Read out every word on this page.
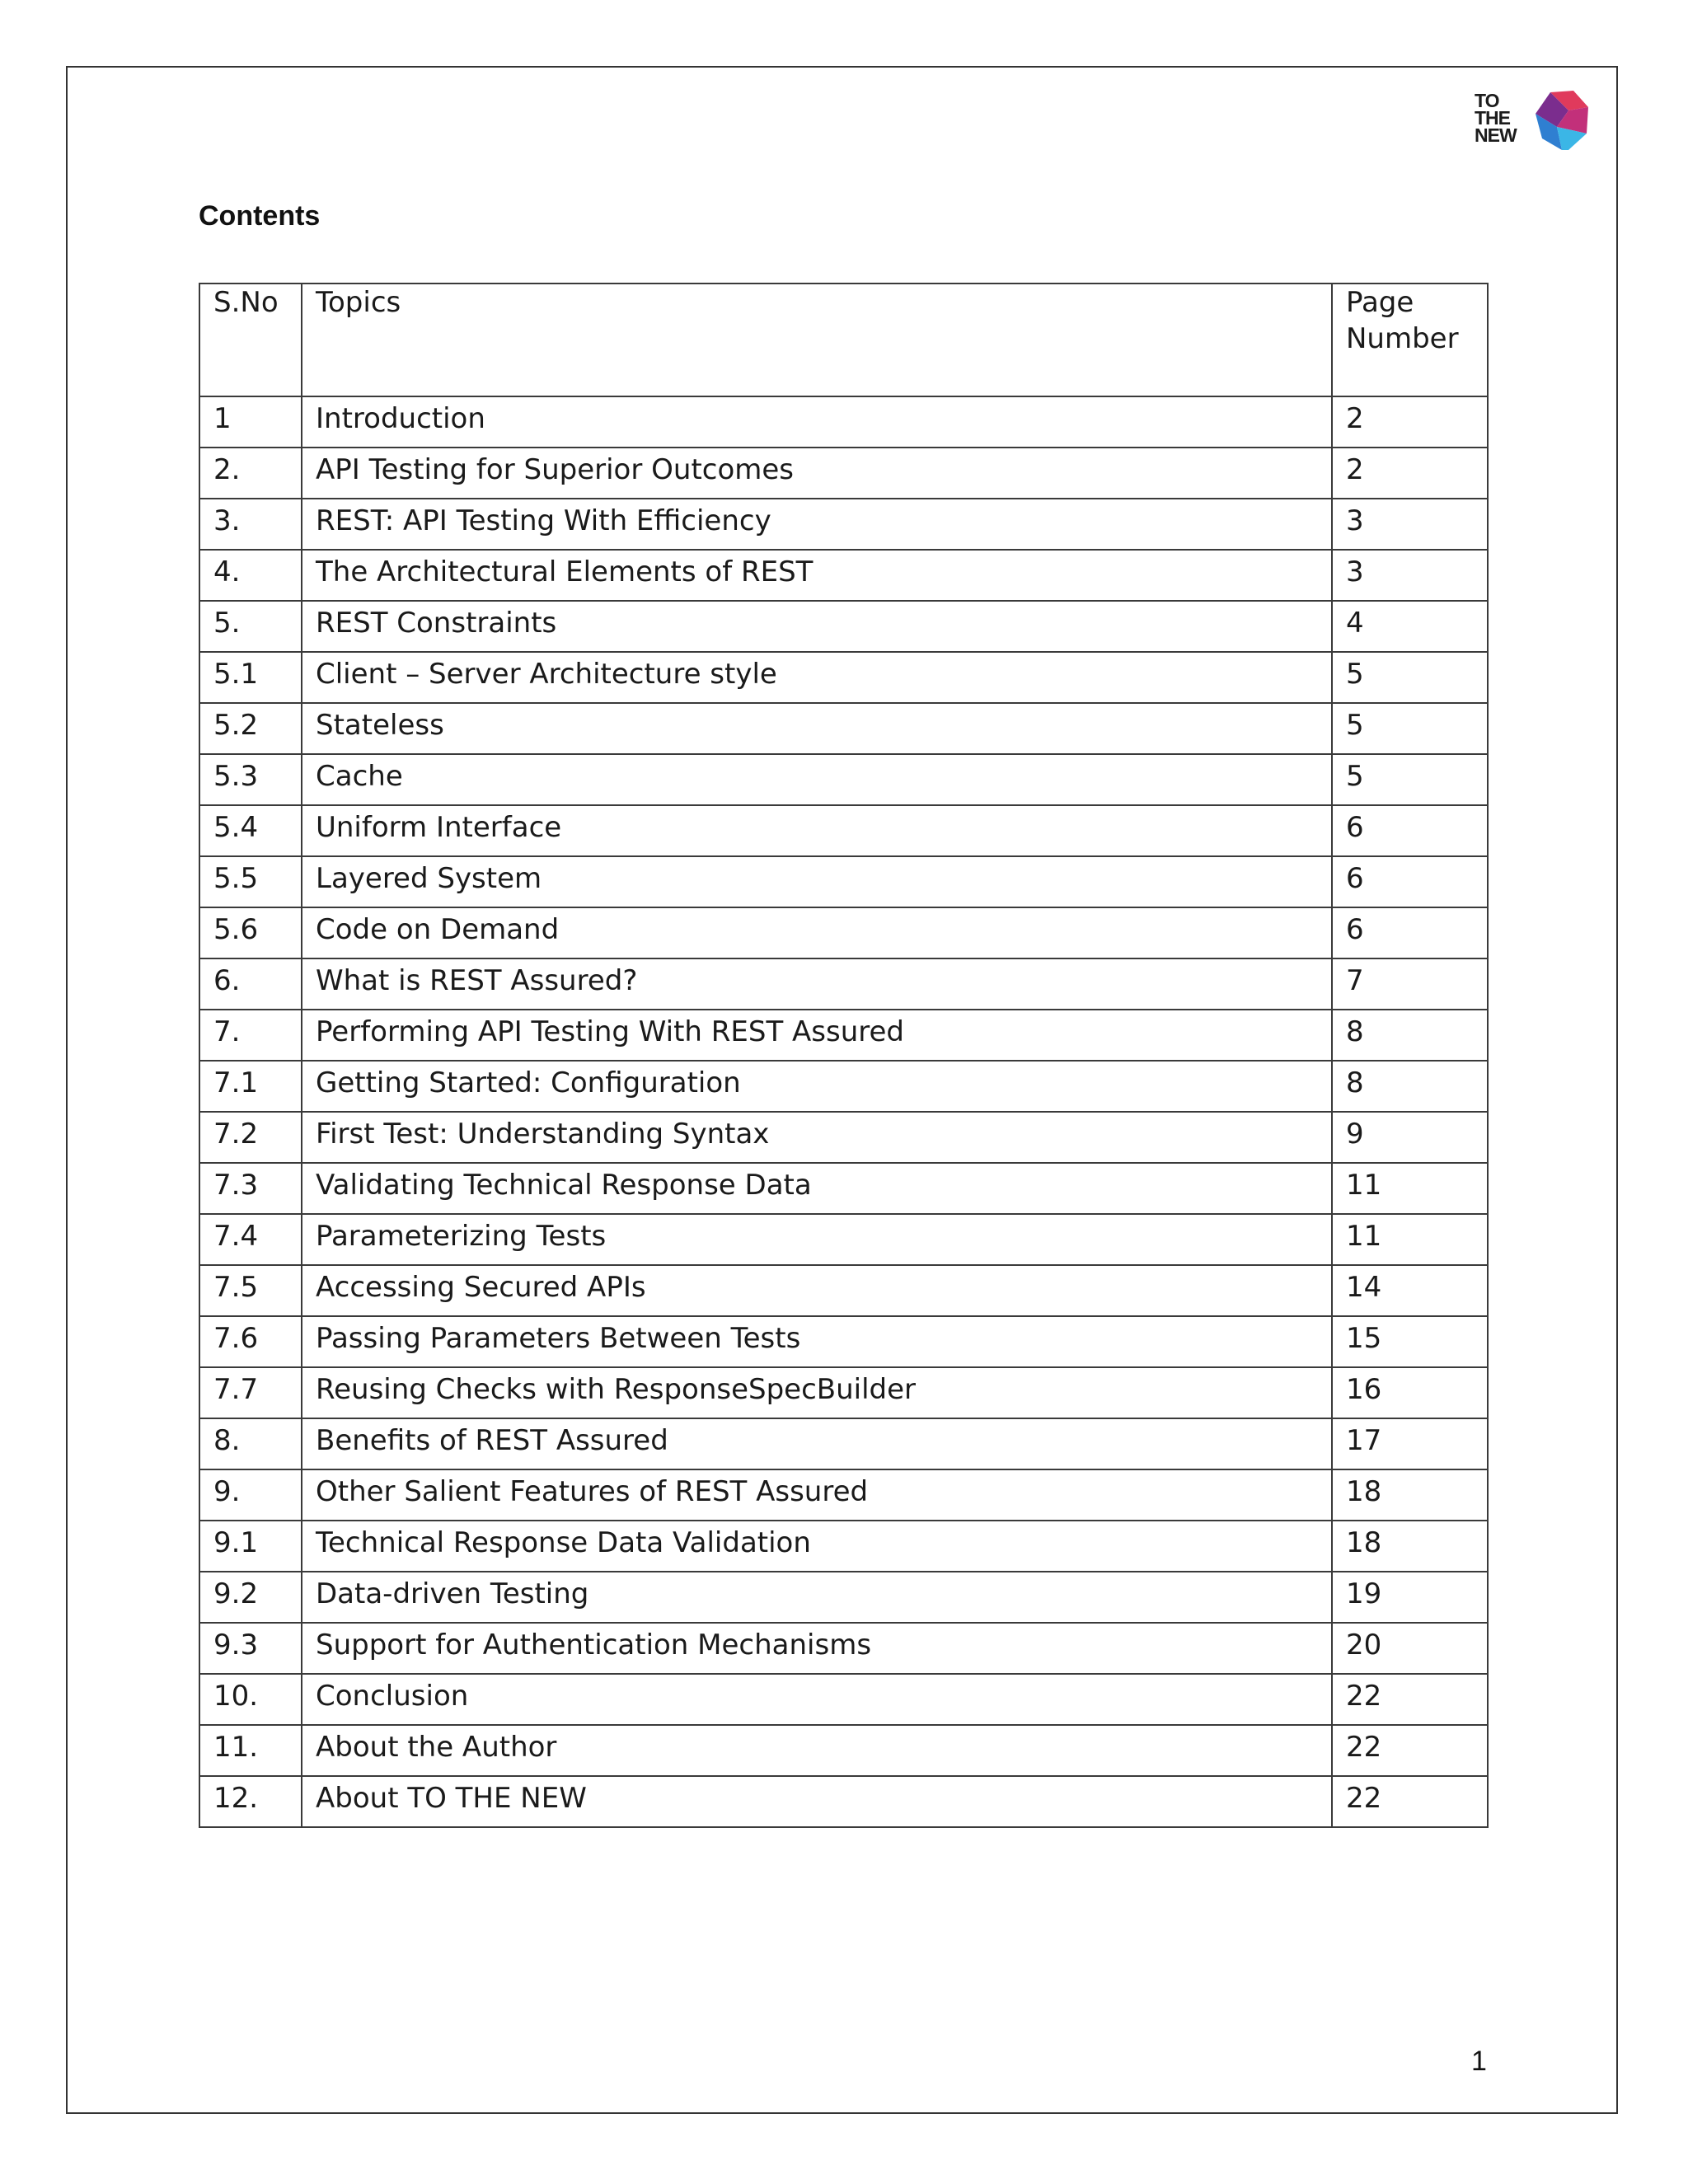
TO
THE
NEW
Contents
S.No	Topics	Page Number
1	Introduction	2
2.	API Testing for Superior Outcomes	2
3.	REST: API Testing With Efficiency	3
4.	The Architectural Elements of REST	3
5.	REST Constraints	4
5.1	Client – Server Architecture style	5
5.2	Stateless	5
5.3	Cache	5
5.4	Uniform Interface	6
5.5	Layered System	6
5.6	Code on Demand	6
6.	What is REST Assured?	7
7.	Performing API Testing With REST Assured	8
7.1	Getting Started: Configuration	8
7.2	First Test: Understanding Syntax	9
7.3	Validating Technical Response Data	11
7.4	Parameterizing Tests	11
7.5	Accessing Secured APIs	14
7.6	Passing Parameters Between Tests	15
7.7	Reusing Checks with ResponseSpecBuilder	16
8.	Benefits of REST Assured	17
9.	Other Salient Features of REST Assured	18
9.1	Technical Response Data Validation	18
9.2	Data-driven Testing	19
9.3	Support for Authentication Mechanisms	20
10.	Conclusion	22
11.	About the Author	22
12.	About TO THE NEW	22
1
